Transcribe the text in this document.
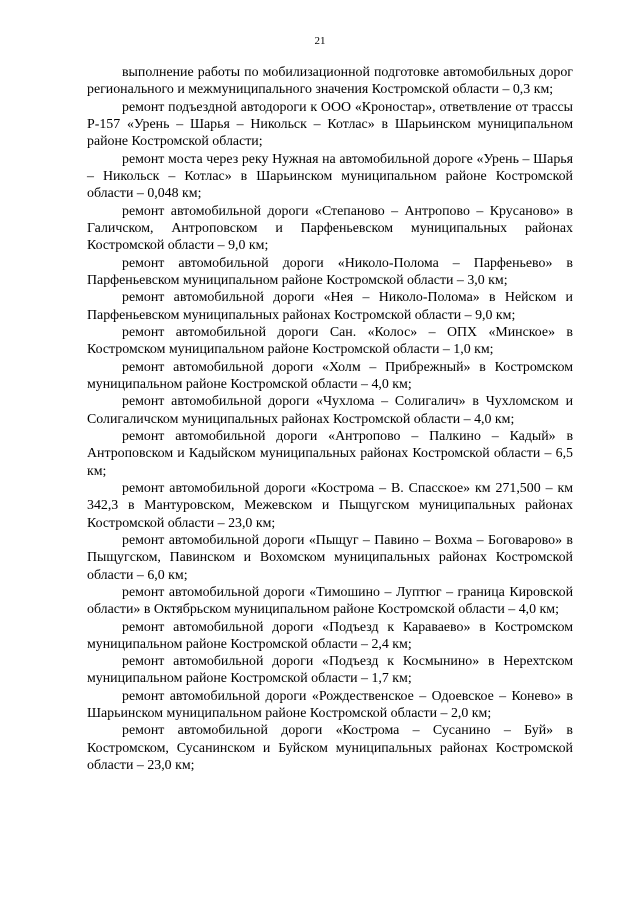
21

выполнение работы по мобилизационной подготовке автомобильных дорог регионального и межмуниципального значения Костромской области – 0,3 км;

ремонт подъездной автодороги к ООО «Кроностар», ответвление от трассы Р-157 «Урень – Шарья – Никольск – Котлас» в Шарьинском муниципальном районе Костромской области;

ремонт моста через реку Нужная на автомобильной дороге «Урень – Шарья – Никольск – Котлас» в Шарьинском муниципальном районе Костромской области – 0,048 км;

ремонт автомобильной дороги «Степаново – Антропово – Крусаново» в Галичском, Антроповском и Парфеньевском муниципальных районах Костромской области – 9,0 км;

ремонт автомобильной дороги «Николо-Полома – Парфеньево» в Парфеньевском муниципальном районе Костромской области – 3,0 км;

ремонт автомобильной дороги «Нея – Николо-Полома» в Нейском и Парфеньевском муниципальных районах Костромской области – 9,0 км;

ремонт автомобильной дороги Сан. «Колос» – ОПХ «Минское» в Костромском муниципальном районе Костромской области – 1,0 км;

ремонт автомобильной дороги «Холм – Прибрежный» в Костромском муниципальном районе Костромской области – 4,0 км;

ремонт автомобильной дороги «Чухлома – Солигалич» в Чухломском и Солигаличском муниципальных районах Костромской области – 4,0 км;

ремонт автомобильной дороги «Антропово – Палкино – Кадый» в Антроповском и Кадыйском муниципальных районах Костромской области – 6,5 км;

ремонт автомобильной дороги «Кострома – В. Спасское» км 271,500 – км 342,3 в Мантуровском, Межевском и Пыщугском муниципальных районах Костромской области – 23,0 км;

ремонт автомобильной дороги «Пыщуг – Павино – Вохма – Боговарово» в Пыщугском, Павинском и Вохомском муниципальных районах Костромской области – 6,0 км;

ремонт автомобильной дороги «Тимошино – Луптюг – граница Кировской области» в Октябрьском муниципальном районе Костромской области – 4,0 км;

ремонт автомобильной дороги «Подъезд к Караваево» в Костромском муниципальном районе Костромской области – 2,4 км;

ремонт автомобильной дороги «Подъезд к Космынино» в Нерехтском муниципальном районе Костромской области – 1,7 км;

ремонт автомобильной дороги «Рождественское – Одоевское – Конево» в Шарьинском муниципальном районе Костромской области – 2,0 км;

ремонт автомобильной дороги «Кострома – Сусанино – Буй» в Костромском, Сусанинском и Буйском муниципальных районах Костромской области – 23,0 км;
